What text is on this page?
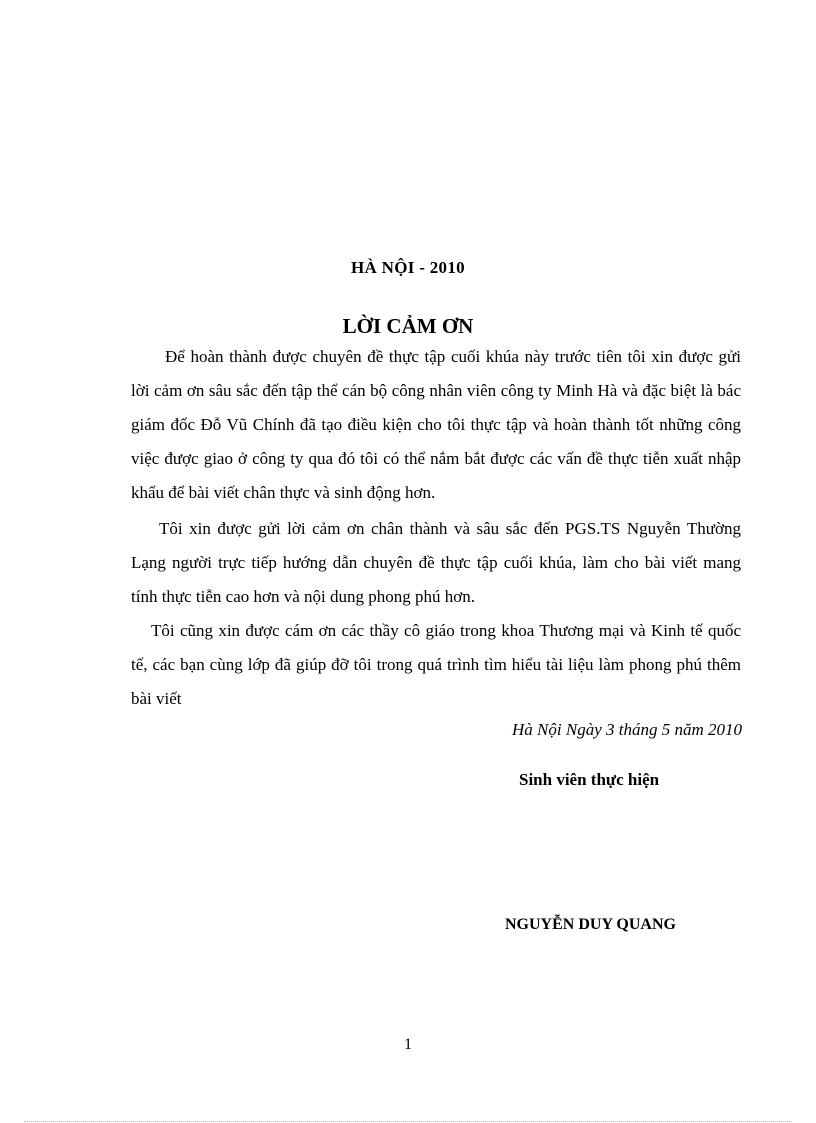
HÀ NỘI - 2010
LỜI CẢM ƠN
Để hoàn thành được chuyên đề thực tập cuối khúa này trước tiên tôi xin được gửi lời cảm ơn sâu sắc đến tập thể cán bộ công nhân viên công ty Minh Hà và đặc biệt là bác giám đốc Đỗ Vũ Chính đã tạo điều kiện cho tôi thực tập và hoàn thành tốt những công việc được giao ở công ty qua đó tôi có thể nắm bắt được các vấn đề thực tiễn xuất nhập khẩu để bài viết chân thực và sinh động hơn.
Tôi xin được gửi lời cảm ơn chân thành và sâu sắc đến PGS.TS Nguyễn Thường Lạng người trực tiếp hướng dẫn chuyên đề thực tập cuối khúa, làm cho bài viết mang tính thực tiễn cao hơn và nội dung phong phú hơn.
Tôi cũng xin được cám ơn các thầy cô giáo trong khoa Thương mại và Kinh tế quốc tế, các bạn cùng lớp đã giúp đỡ tôi trong quá trình tìm hiểu tài liệu làm phong phú thêm bài viết
Hà Nội Ngày 3 tháng 5 năm 2010
Sinh viên thực hiện
NGUYỄN DUY QUANG
1
